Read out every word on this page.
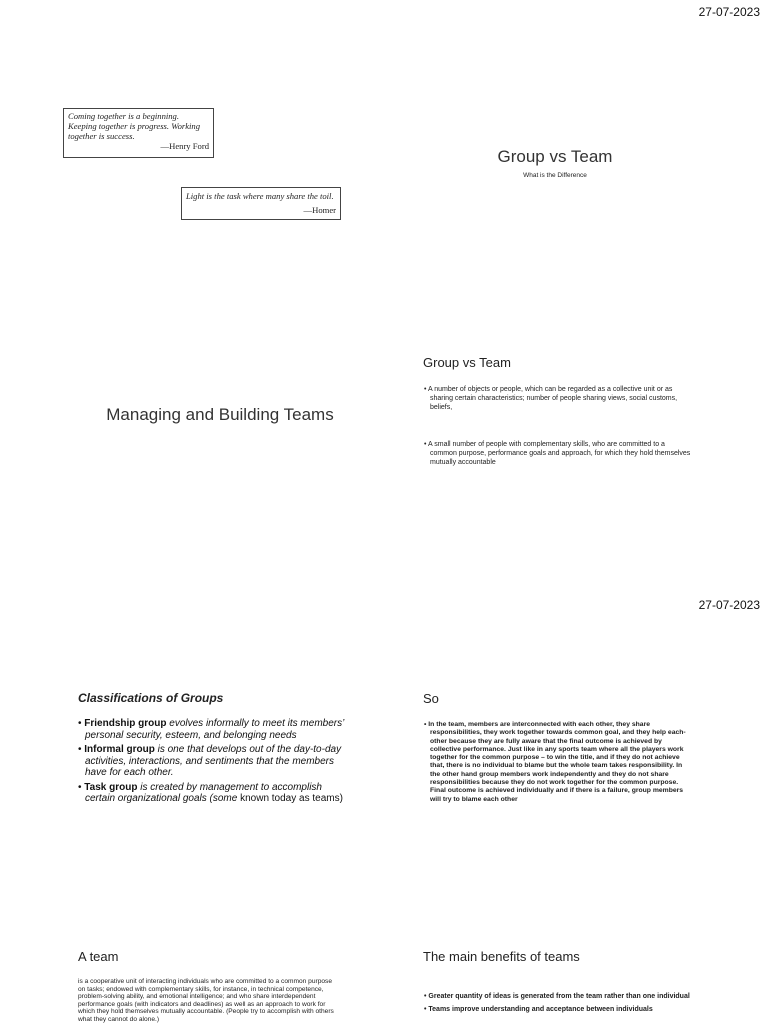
27-07-2023
Coming together is a beginning.
Keeping together is progress. Working
together is success.
—Henry Ford
Light is the task where many share the toil.
—Homer
Group vs Team
What is the Difference
Managing and Building Teams
Group vs Team
• A number of objects or people, which can be regarded as a collective unit or as sharing certain characteristics; number of people sharing views, social customs, beliefs,
• A small number of people with complementary skills, who are committed to a common purpose, performance goals and approach, for which they hold themselves mutually accountable
27-07-2023
Classifications of Groups
• Friendship group evolves informally to meet its members’ personal security, esteem, and belonging needs
• Informal group is one that develops out of the day-to-day activities, interactions, and sentiments that the members have for each other.
• Task group is created by management to accomplish certain organizational goals (some known today as teams)
So
• In the team, members are interconnected with each other, they share responsibilities, they work together towards common goal, and they help each-other because they are fully aware that the final outcome is achieved by collective performance. Just like in any sports team where all the players work together for the common purpose – to win the title, and if they do not achieve that, there is no individual to blame but the whole team takes responsibility. In the other hand group members work independently and they do not share responsibilities because they do not work together for the common purpose. Final outcome is achieved individually and if there is a failure, group members will try to blame each other
A team
is a cooperative unit of interacting individuals who are committed to a common purpose on tasks; endowed with complementary skills, for instance, in technical competence, problem-solving ability, and emotional intelligence; and who share interdependent performance goals (with indicators and deadlines) as well as an approach to work for which they hold themselves mutually accountable. (People try to accomplish with others what they cannot do alone.)
The main benefits of teams
• Greater quantity of ideas is generated from the team rather than one individual
• Teams improve understanding and acceptance between individuals
